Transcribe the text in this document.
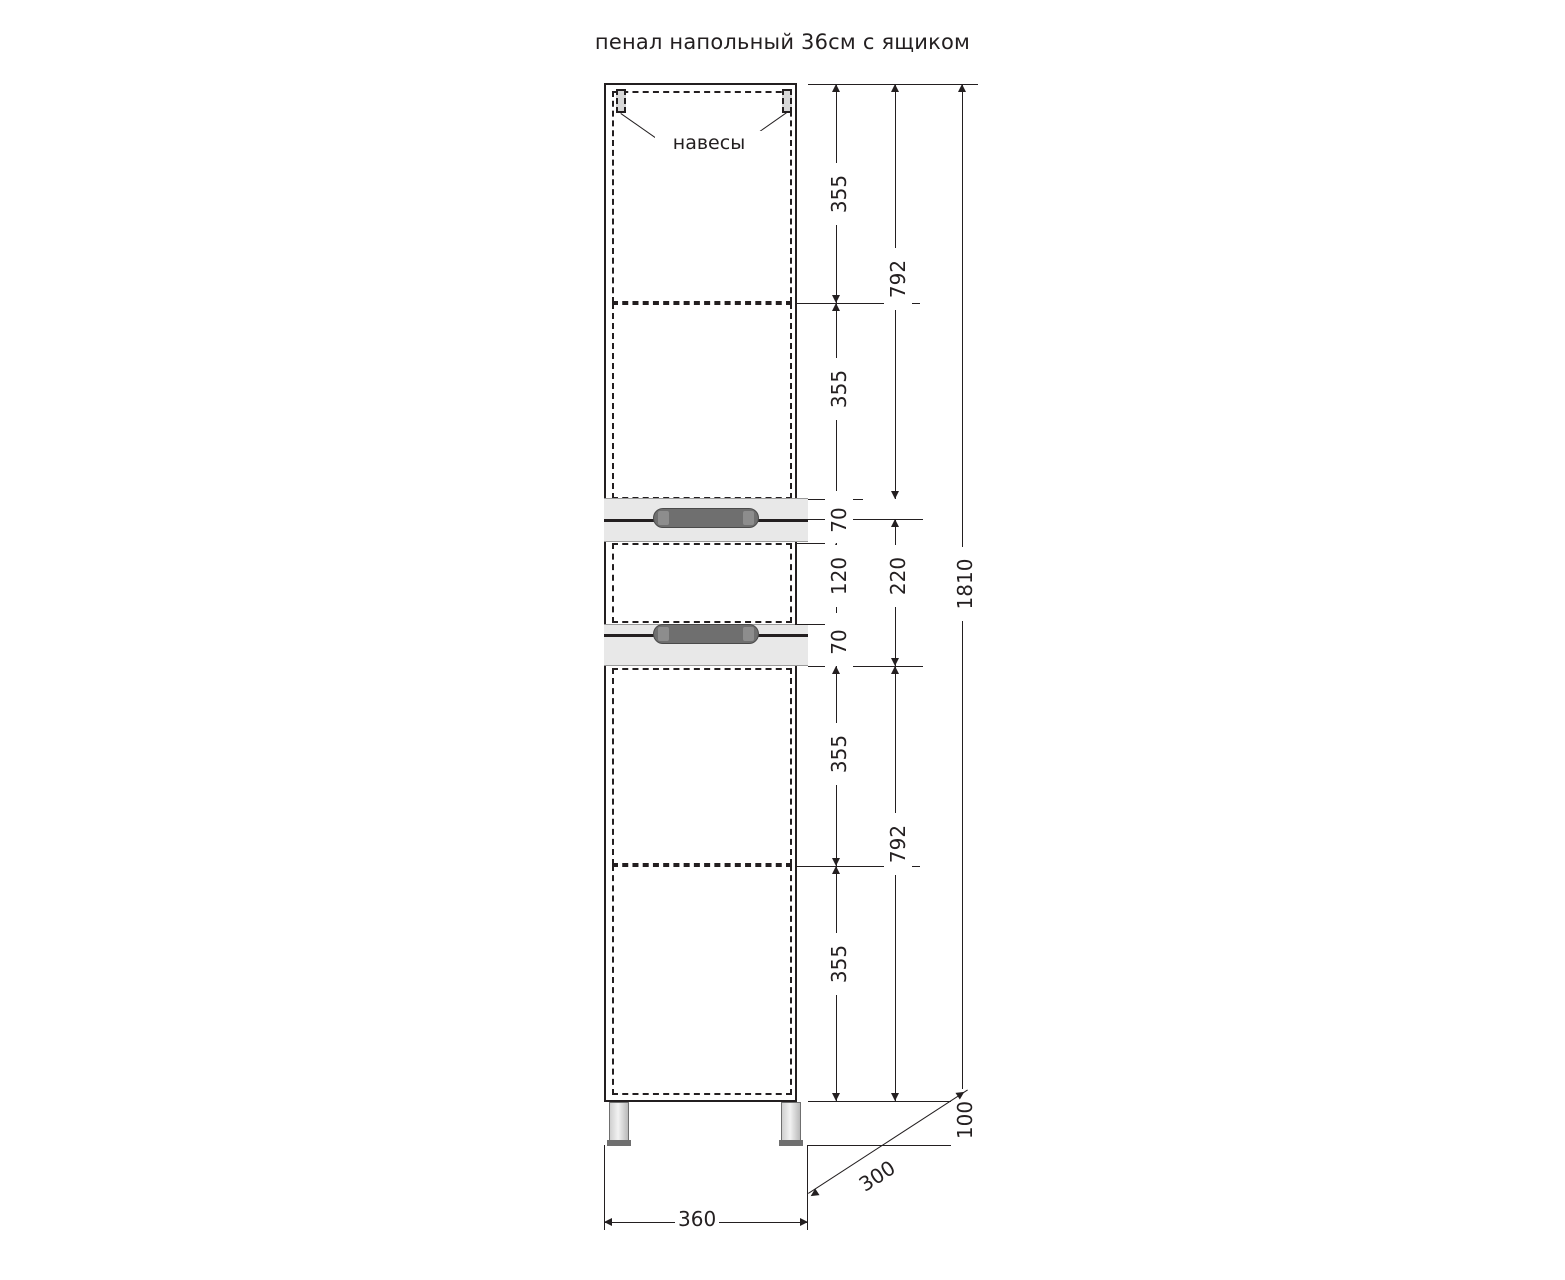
пенал напольный 36см с ящиком
навесы
355
355
70
120
70
355
355
792
220
792
1810
100
360
300
